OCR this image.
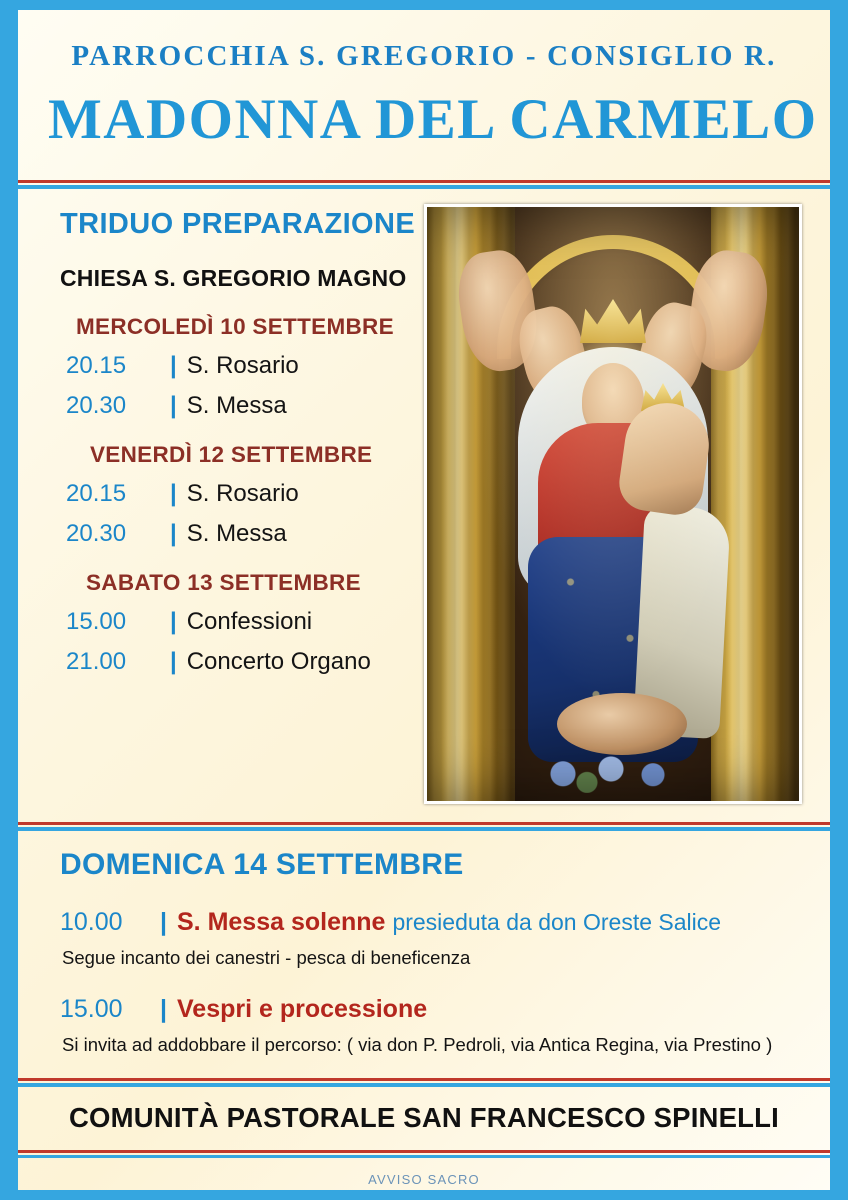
PARROCCHIA S. GREGORIO - CONSIGLIO R.
MADONNA DEL CARMELO
TRIDUO PREPARAZIONE
CHIESA S. GREGORIO MAGNO
MERCOLEDÌ 10 SETTEMBRE
20.15	| S. Rosario
20.30	| S. Messa
VENERDÌ 12 SETTEMBRE
20.15	| S. Rosario
20.30	| S. Messa
SABATO 13 SETTEMBRE
15.00	| Confessioni
21.00	| Concerto Organo
DOMENICA 14 SETTEMBRE
10.00	| S. Messa solenne presieduta da don Oreste Salice
Segue incanto dei canestri - pesca di beneficenza
15.00	| Vespri e processione
Si invita ad addobbare il percorso: ( via don P. Pedroli, via Antica Regina, via Prestino )
COMUNITÀ PASTORALE SAN FRANCESCO SPINELLI
AVVISO SACRO
